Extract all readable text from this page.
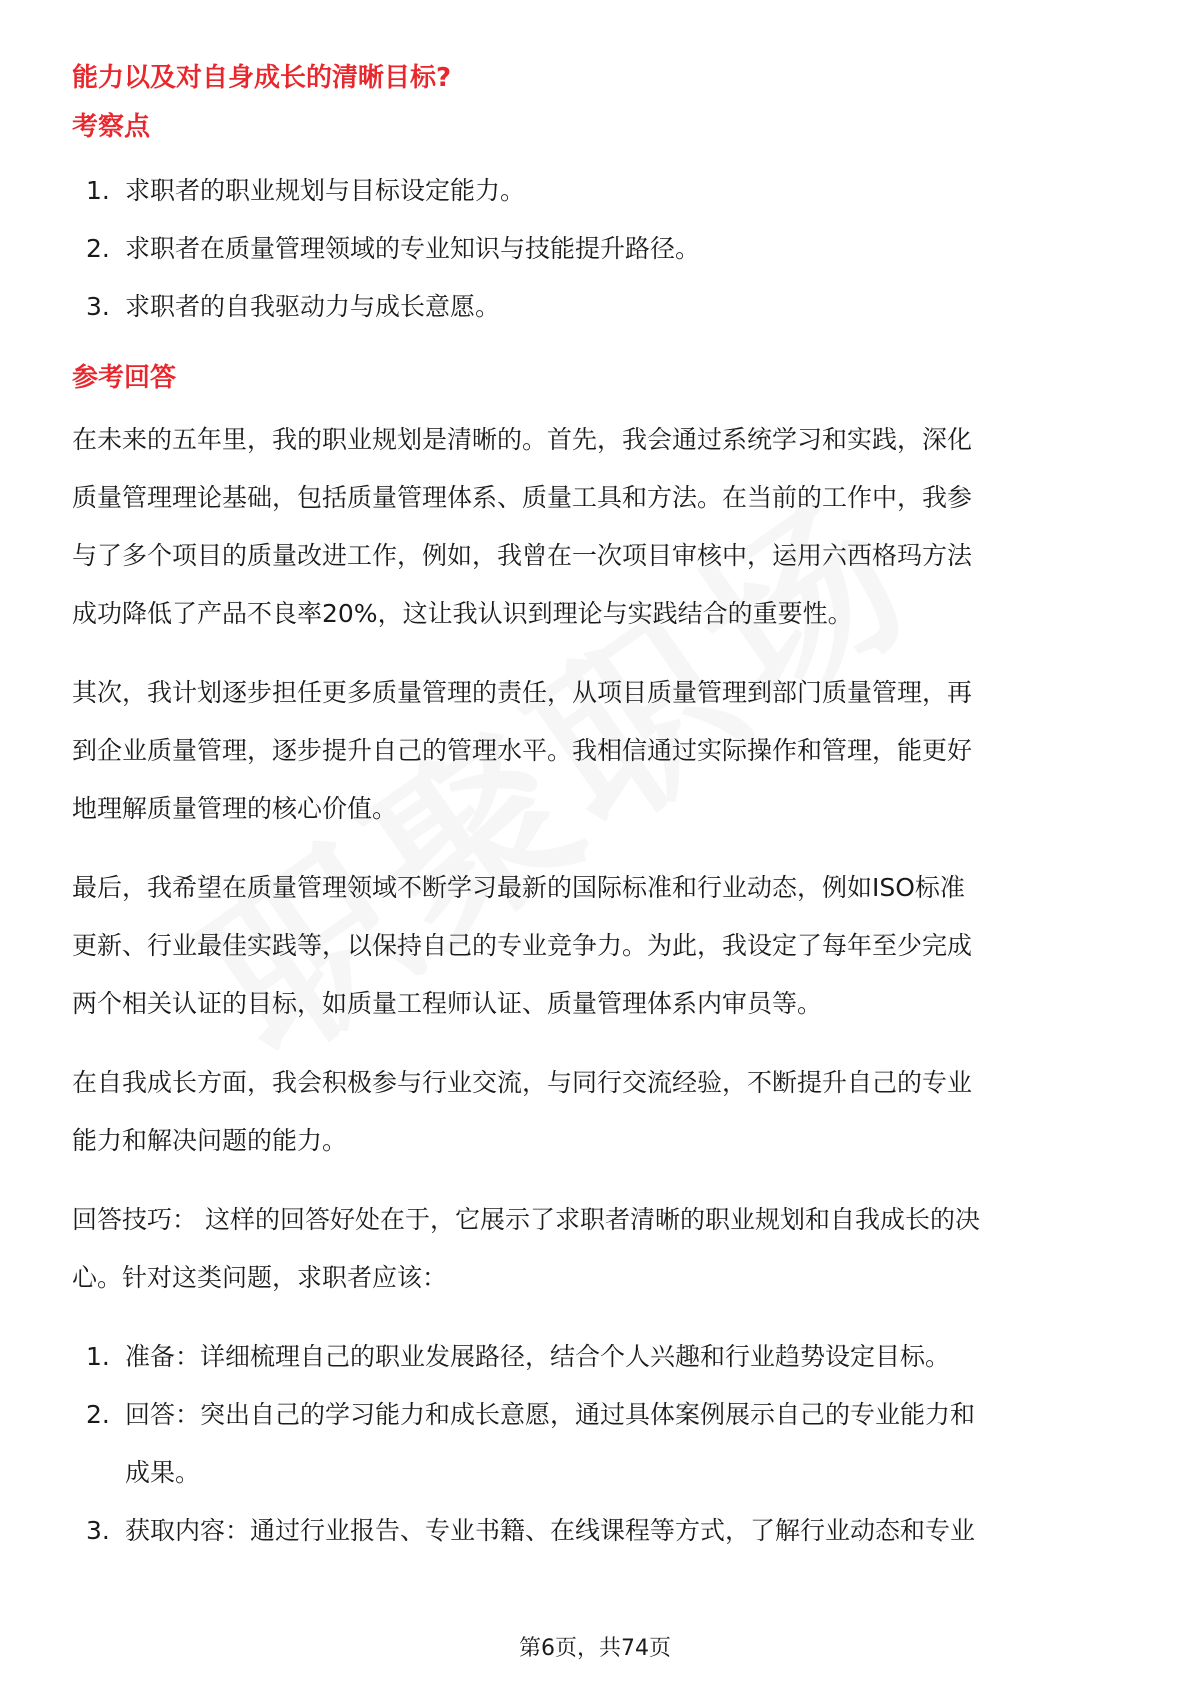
能力以及对自身成长的清晰目标?
考察点
1. 求职者的职业规划与目标设定能力。
2. 求职者在质量管理领域的专业知识与技能提升路径。
3. 求职者的自我驱动力与成长意愿。
参考回答

在未来的五年里，我的职业规划是清晰的。首先，我会通过系统学习和实践，深化
质量管理理论基础，包括质量管理体系、质量工具和方法。在当前的工作中，我参
与了多个项目的质量改进工作，例如，我曾在一次项目审核中，运用六西格玛方法
成功降低了产品不良率20%，这让我认识到理论与实践结合的重要性。

其次，我计划逐步担任更多质量管理的责任，从项目质量管理到部门质量管理，再
到企业质量管理，逐步提升自己的管理水平。我相信通过实际操作和管理，能更好
地理解质量管理的核心价值。

最后，我希望在质量管理领域不断学习最新的国际标准和行业动态，例如ISO标准
更新、行业最佳实践等，以保持自己的专业竞争力。为此，我设定了每年至少完成
两个相关认证的目标，如质量工程师认证、质量管理体系内审员等。

在自我成长方面，我会积极参与行业交流，与同行交流经验，不断提升自己的专业
能力和解决问题的能力。

回答技巧： 这样的回答好处在于，它展示了求职者清晰的职业规划和自我成长的决
心。针对这类问题，求职者应该：

1. 准备：详细梳理自己的职业发展路径，结合个人兴趣和行业趋势设定目标。
2. 回答：突出自己的学习能力和成长意愿，通过具体案例展示自己的专业能力和
成果。
3. 获取内容：通过行业报告、专业书籍、在线课程等方式，了解行业动态和专业
第6页，共74页
